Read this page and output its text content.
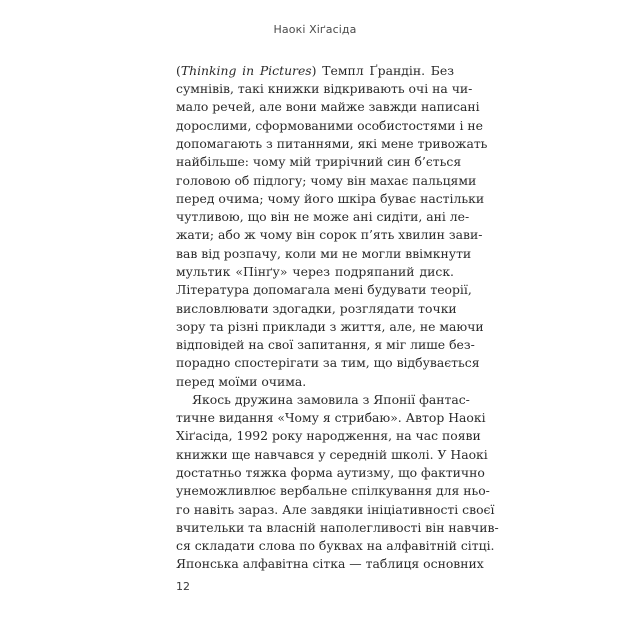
Наокі Хіґасіда
(Thinking in Pictures) Темпл Ґрандін. Без
сумнівів, такі книжки відкривають очі на чи-
мало речей, але вони майже завжди написані
дорослими, сформованими особистостями і не
допомагають з питаннями, які мене тривожать
найбільше: чому мій трирічний син б’ється
головою об підлогу; чому він махає пальцями
перед очима; чому його шкіра буває настільки
чутливою, що він не може ані сидіти, ані ле-
жати; або ж чому він сорок п’ять хвилин зави-
вав від розпачу, коли ми не могли ввімкнути
мультик «Пінґу» через подряпаний диск.
Література допомагала мені будувати теорії,
висловлювати здогадки, розглядати точки
зору та різні приклади з життя, але, не маючи
відповідей на свої запитання, я міг лише без-
порадно спостерігати за тим, що відбувається
перед моїми очима.
Якось дружина замовила з Японії фантас-
тичне видання «Чому я стрибаю». Автор Наокі
Хіґасіда, 1992 року народження, на час появи
книжки ще навчався у середній школі. У Наокі
достатньо тяжка форма аутизму, що фактично
унеможливлює вербальне спілкування для ньо-
го навіть зараз. Але завдяки ініціативності своєї
вчительки та власній наполегливості він навчив-
ся складати слова по буквах на алфавітній сітці.
Японська алфавітна сітка — таблиця основних
12
